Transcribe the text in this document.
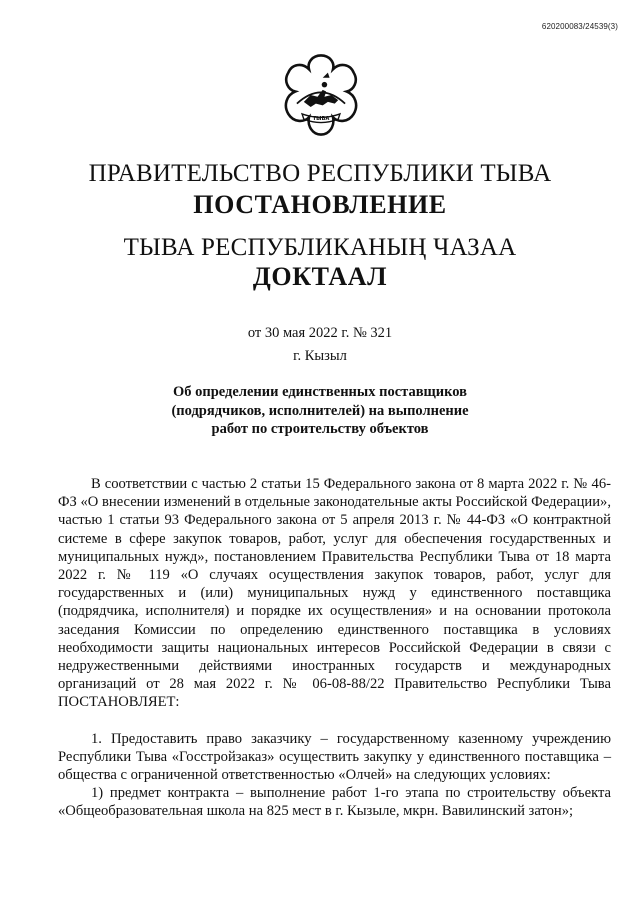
620200083/24539(3)
ТЫВА
ПРАВИТЕЛЬСТВО РЕСПУБЛИКИ ТЫВА
ПОСТАНОВЛЕНИЕ
ТЫВА РЕСПУБЛИКАНЫҢ ЧАЗАА
ДОКТААЛ
от 30 мая 2022 г. № 321
г. Кызыл
Об определении единственных поставщиков
(подрядчиков, исполнителей) на выполнение
работ по строительству объектов

В соответствии с частью 2 статьи 15 Федерального закона от 8 марта 2022 г. № 46-ФЗ «О внесении изменений в отдельные законодательные акты Российской Федерации», частью 1 статьи 93 Федерального закона от 5 апреля 2013 г. № 44-ФЗ «О контрактной системе в сфере закупок товаров, работ, услуг для обеспечения государственных и муниципальных нужд», постановлением Правительства Республики Тыва от 18 марта 2022 г. № 119 «О случаях осуществления закупок товаров, работ, услуг для государственных и (или) муниципальных нужд у единственного поставщика (подрядчика, исполнителя) и порядке их осуществления» и на основании протокола заседания Комиссии по определению единственного поставщика в условиях необходимости защиты национальных интересов Российской Федерации в связи с недружественными действиями иностранных государств и международных организаций от 28 мая 2022 г. № 06-08-88/22 Правительство Республики Тыва ПОСТАНОВЛЯЕТ:

1. Предоставить право заказчику – государственному казенному учреждению Республики Тыва «Госстройзаказ» осуществить закупку у единственного поставщика – общества с ограниченной ответственностью «Олчей» на следующих условиях:

1) предмет контракта – выполнение работ 1-го этапа по строительству объекта «Общеобразовательная школа на 825 мест в г. Кызыле, мкрн. Вавилинский затон»;
